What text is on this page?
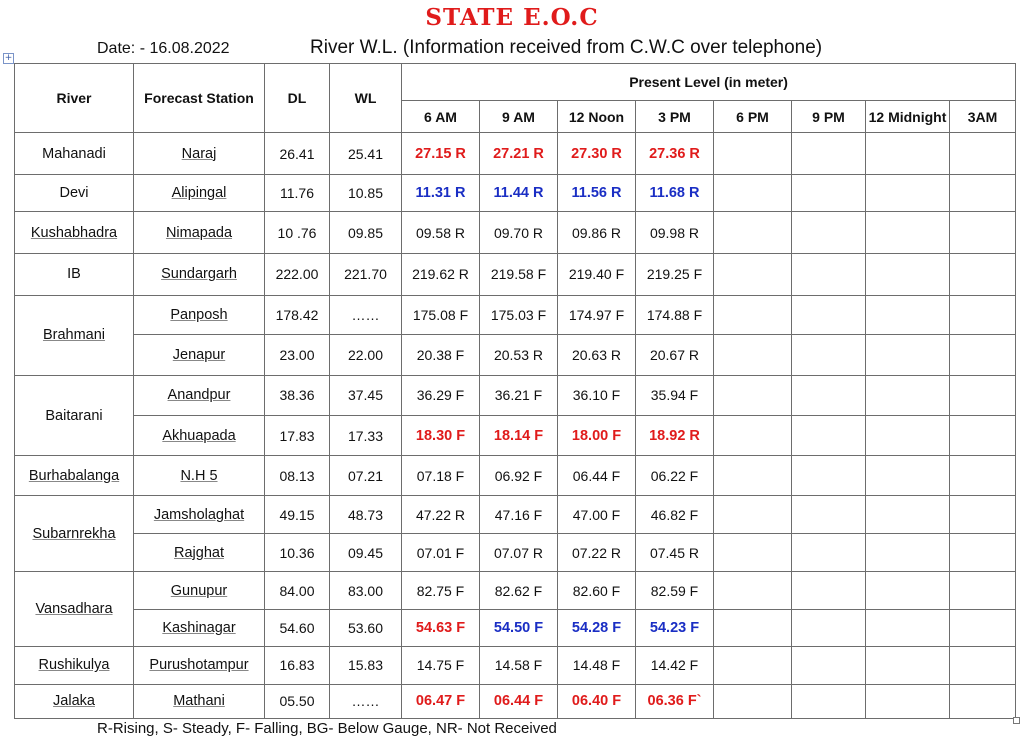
STATE E.O.C
Date: - 16.08.2022	River W.L. (Information received from C.W.C over telephone)
+
River	Forecast Station	DL	WL	Present Level (in meter)							
				6 AM	9 AM	12 Noon	3 PM	6 PM	9 PM	12 Midnight	3AM
Mahanadi	Naraj	26.41	25.41	27.15 R	27.21 R	27.30 R	27.36 R				
Devi	Alipingal	11.76	10.85	11.31 R	11.44 R	11.56 R	11.68 R				
Kushabhadra	Nimapada	10 .76	09.85	09.58 R	09.70 R	09.86 R	09.98 R				
IB	Sundargarh	222.00	221.70	219.62 R	219.58 F	219.40 F	219.25 F				
Brahmani	Panposh	178.42	……	175.08 F	175.03 F	174.97 F	174.88 F				
	Jenapur	23.00	22.00	20.38 F	20.53 R	20.63 R	20.67 R				
Baitarani	Anandpur	38.36	37.45	36.29 F	36.21 F	36.10 F	35.94 F				
	Akhuapada	17.83	17.33	18.30 F	18.14 F	18.00 F	18.92 R				
Burhabalanga	N.H 5	08.13	07.21	07.18 F	06.92 F	06.44 F	06.22 F				
Subarnrekha	Jamsholaghat	49.15	48.73	47.22 R	47.16 F	47.00 F	46.82 F				
	Rajghat	10.36	09.45	07.01 F	07.07 R	07.22 R	07.45 R				
Vansadhara	Gunupur	84.00	83.00	82.75 F	82.62 F	82.60 F	82.59 F				
	Kashinagar	54.60	53.60	54.63 F	54.50 F	54.28 F	54.23 F				
Rushikulya	Purushotampur	16.83	15.83	14.75 F	14.58 F	14.48 F	14.42 F				
Jalaka	Mathani	05.50	……	06.47 F	06.44 F	06.40 F	06.36 F`				
R-Rising, S- Steady, F- Falling, BG- Below Gauge, NR- Not Received
